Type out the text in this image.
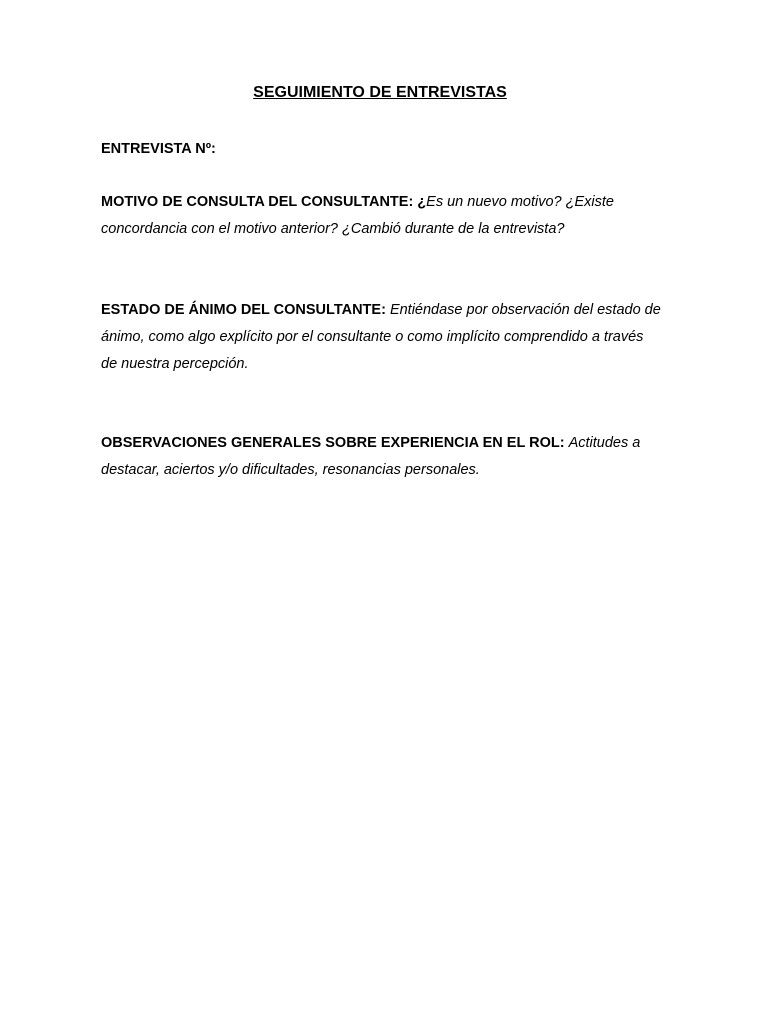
SEGUIMIENTO DE ENTREVISTAS

ENTREVISTA Nº:

MOTIVO DE CONSULTA DEL CONSULTANTE: ¿Es un nuevo motivo? ¿Existe concordancia con el motivo anterior? ¿Cambió durante de la entrevista?

ESTADO DE ÁNIMO DEL CONSULTANTE: Entiéndase por observación del estado de ánimo, como algo explícito por el consultante o como implícito comprendido a través de nuestra percepción.

OBSERVACIONES GENERALES SOBRE EXPERIENCIA EN EL ROL: Actitudes a destacar, aciertos y/o dificultades, resonancias personales.
